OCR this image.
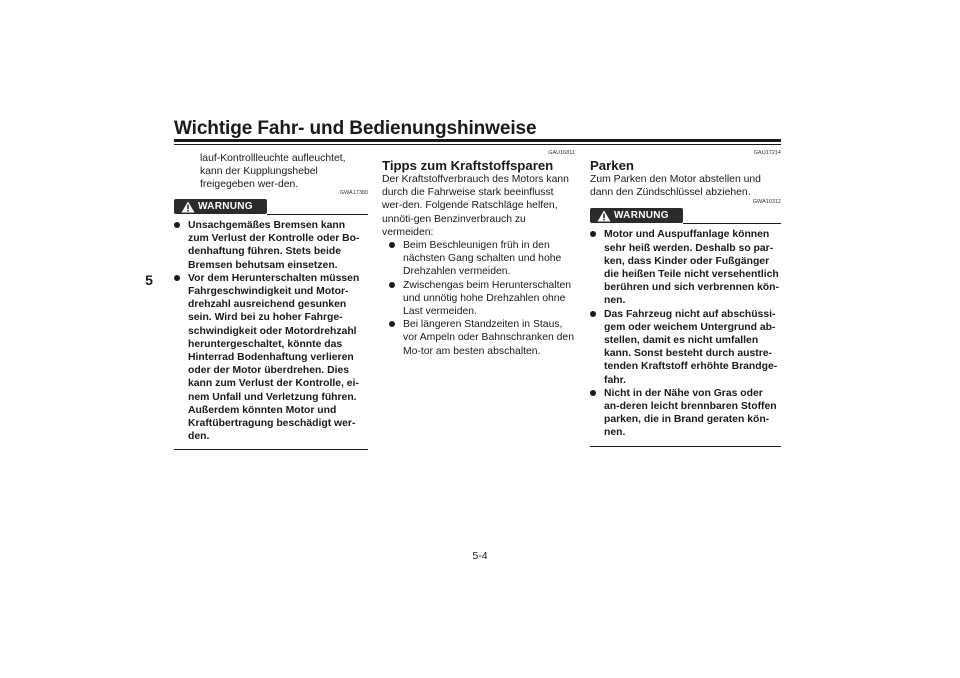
Wichtige Fahr- und Bedienungshinweise
5

lauf-Kontrollleuchte aufleuchtet, kann der Kupplungshebel freigegeben wer-den.

GWA17380
WARNUNG
Unsachgemäßes Bremsen kann zum Verlust der Kontrolle oder Bo-denhaftung führen. Stets beide Bremsen behutsam einsetzen.
Vor dem Herunterschalten müssen Fahrgeschwindigkeit und Motor-drehzahl ausreichend gesunken sein. Wird bei zu hoher Fahrge-schwindigkeit oder Motordrehzahl heruntergeschaltet, könnte das Hinterrad Bodenhaftung verlieren oder der Motor überdrehen. Dies kann zum Verlust der Kontrolle, ei-nem Unfall und Verletzung führen. Außerdem könnten Motor und Kraftübertragung beschädigt wer-den.
GAU16811
Tipps zum Kraftstoffsparen

Der Kraftstoffverbrauch des Motors kann durch die Fahrweise stark beeinflusst wer-den. Folgende Ratschläge helfen, unnöti-gen Benzinverbrauch zu vermeiden:

Beim Beschleunigen früh in den nächsten Gang schalten und hohe Drehzahlen vermeiden.
Zwischengas beim Herunterschalten und unnötig hohe Drehzahlen ohne Last vermeiden.
Bei längeren Standzeiten in Staus, vor Ampeln oder Bahnschranken den Mo-tor am besten abschalten.
GAU17214
Parken

Zum Parken den Motor abstellen und dann den Zündschlüssel abziehen.

GWA10312
WARNUNG
Motor und Auspuffanlage können sehr heiß werden. Deshalb so par-ken, dass Kinder oder Fußgänger die heißen Teile nicht versehentlich berühren und sich verbrennen kön-nen.
Das Fahrzeug nicht auf abschüssi-gem oder weichem Untergrund ab-stellen, damit es nicht umfallen kann. Sonst besteht durch austre-tenden Kraftstoff erhöhte Brandge-fahr.
Nicht in der Nähe von Gras oder an-deren leicht brennbaren Stoffen parken, die in Brand geraten kön-nen.
5-4
